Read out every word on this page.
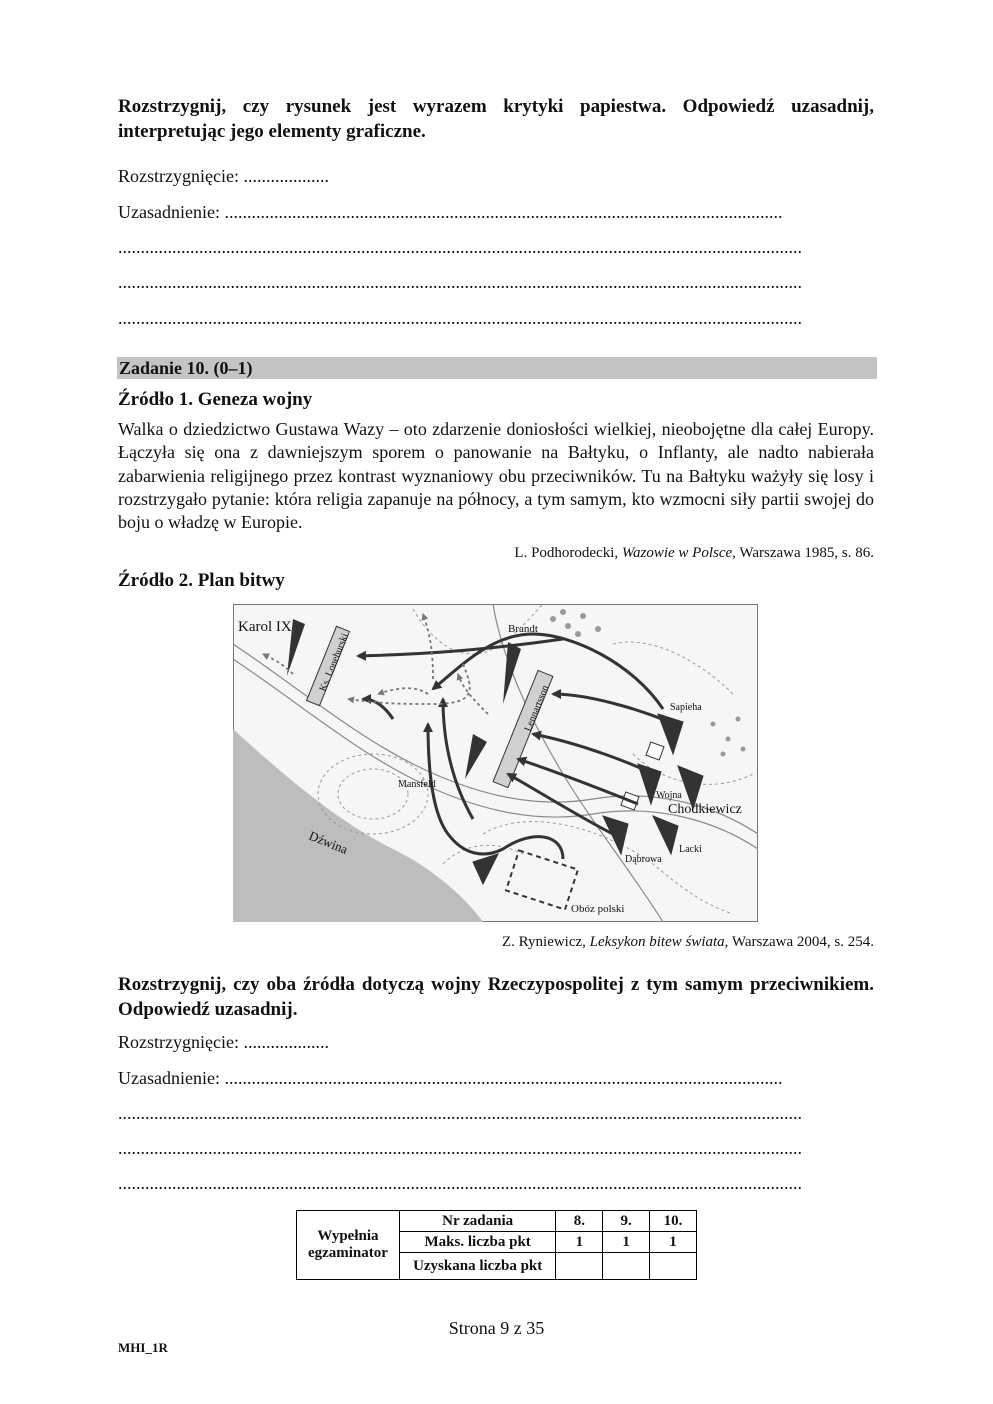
Rozstrzygnij, czy rysunek jest wyrazem krytyki papiestwa. Odpowiedź uzasadnij, interpretując jego elementy graficzne.
Rozstrzygnięcie: ...................
Uzasadnienie: ............................................................................................................................
........................................................................................................................................................
........................................................................................................................................................
........................................................................................................................................................
Zadanie 10. (0–1)
Źródło 1. Geneza wojny
Walka o dziedzictwo Gustawa Wazy – oto zdarzenie doniosłości wielkiej, nieobojętne dla całej Europy. Łączyła się ona z dawniejszym sporem o panowanie na Bałtyku, o Inflanty, ale nadto nabierała zabarwienia religijnego przez kontrast wyznaniowy obu przeciwników. Tu na Bałtyku ważyły się losy i rozstrzygało pytanie: która religia zapanuje na północy, a tym samym, kto wzmocni siły partii swojej do boju o władzę w Europie.
L. Podhorodecki, Wazowie w Polsce, Warszawa 1985, s. 86.
Źródło 2. Plan bitwy
Karol IX
Ks. Lonehurski
Brandt
Lennartsson	Sapieha
Mansfeld
Wojna
Chodkiewicz
Lacki
Dąbrowa
Dźwina
Obóz polski
Z. Ryniewicz, Leksykon bitew świata, Warszawa 2004, s. 254.
Rozstrzygnij, czy oba źródła dotyczą wojny Rzeczypospolitej z tym samym przeciwnikiem. Odpowiedź uzasadnij.
Rozstrzygnięcie: ...................
Uzasadnienie: ............................................................................................................................
........................................................................................................................................................
........................................................................................................................................................
........................................................................................................................................................
Wypełnia egzaminator	Nr zadania	8.	9.	10.
	Maks. liczba pkt	1	1	1
	Uzyskana liczba pkt			
Strona 9 z 35
MHI_1R
